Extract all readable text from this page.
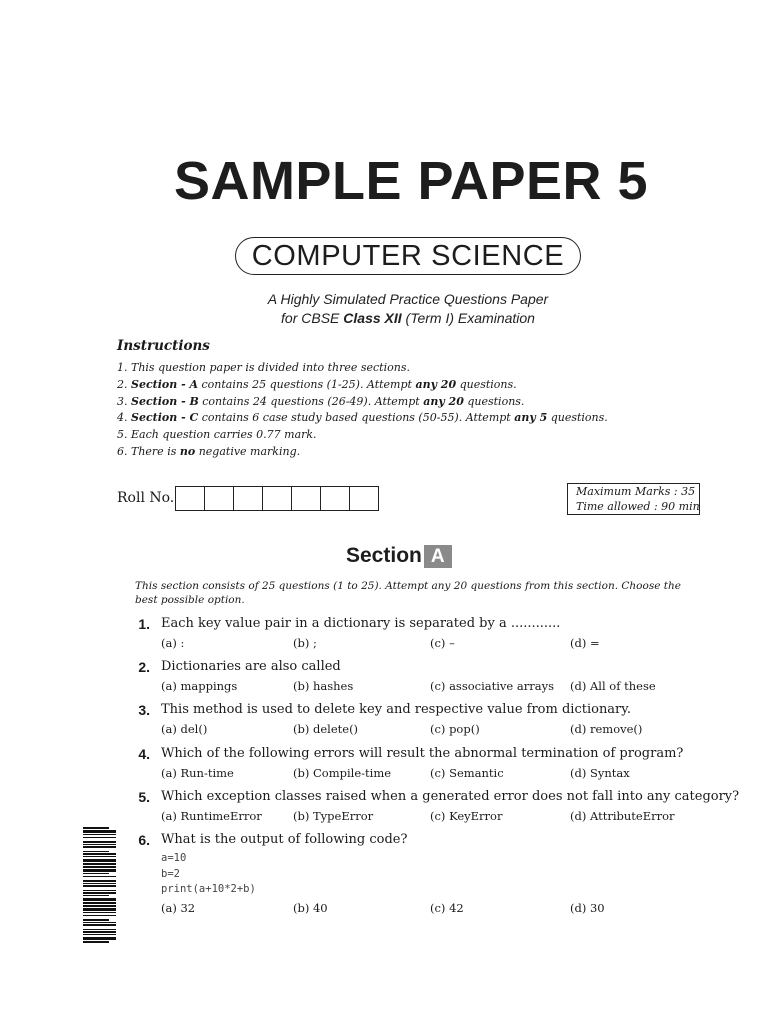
SAMPLE PAPER 5
COMPUTER SCIENCE
A Highly Simulated Practice Questions Paper
for CBSE Class XII (Term I) Examination
Instructions
1. This question paper is divided into three sections.
2. Section - A contains 25 questions (1-25). Attempt any 20 questions.
3. Section - B contains 24 questions (26-49). Attempt any 20 questions.
4. Section - C contains 6 case study based questions (50-55). Attempt any 5 questions.
5. Each question carries 0.77 mark.
6. There is no negative marking.
Roll No.	Maximum Marks : 35
Time allowed : 90 min
Section A
This section consists of 25 questions (1 to 25). Attempt any 20 questions from this section. Choose the best possible option.
1. Each key value pair in a dictionary is separated by a ............
(a) :	(b) ;	(c) –	(d) =
2. Dictionaries are also called
(a) mappings	(b) hashes	(c) associative arrays (d) All of these
3. This method is used to delete key and respective value from dictionary.
(a) del()	(b) delete()	(c) pop()	(d) remove()
4. Which of the following errors will result the abnormal termination of program?
(a) Run-time	(b) Compile-time	(c) Semantic	(d) Syntax
5. Which exception classes raised when a generated error does not fall into any category?
(a) RuntimeError	(b) TypeError	(c) KeyError	(d) AttributeError
6. What is the output of following code?
a=10
b=2
print(a+10*2+b)
(a) 32	(b) 40	(c) 42	(d) 30
